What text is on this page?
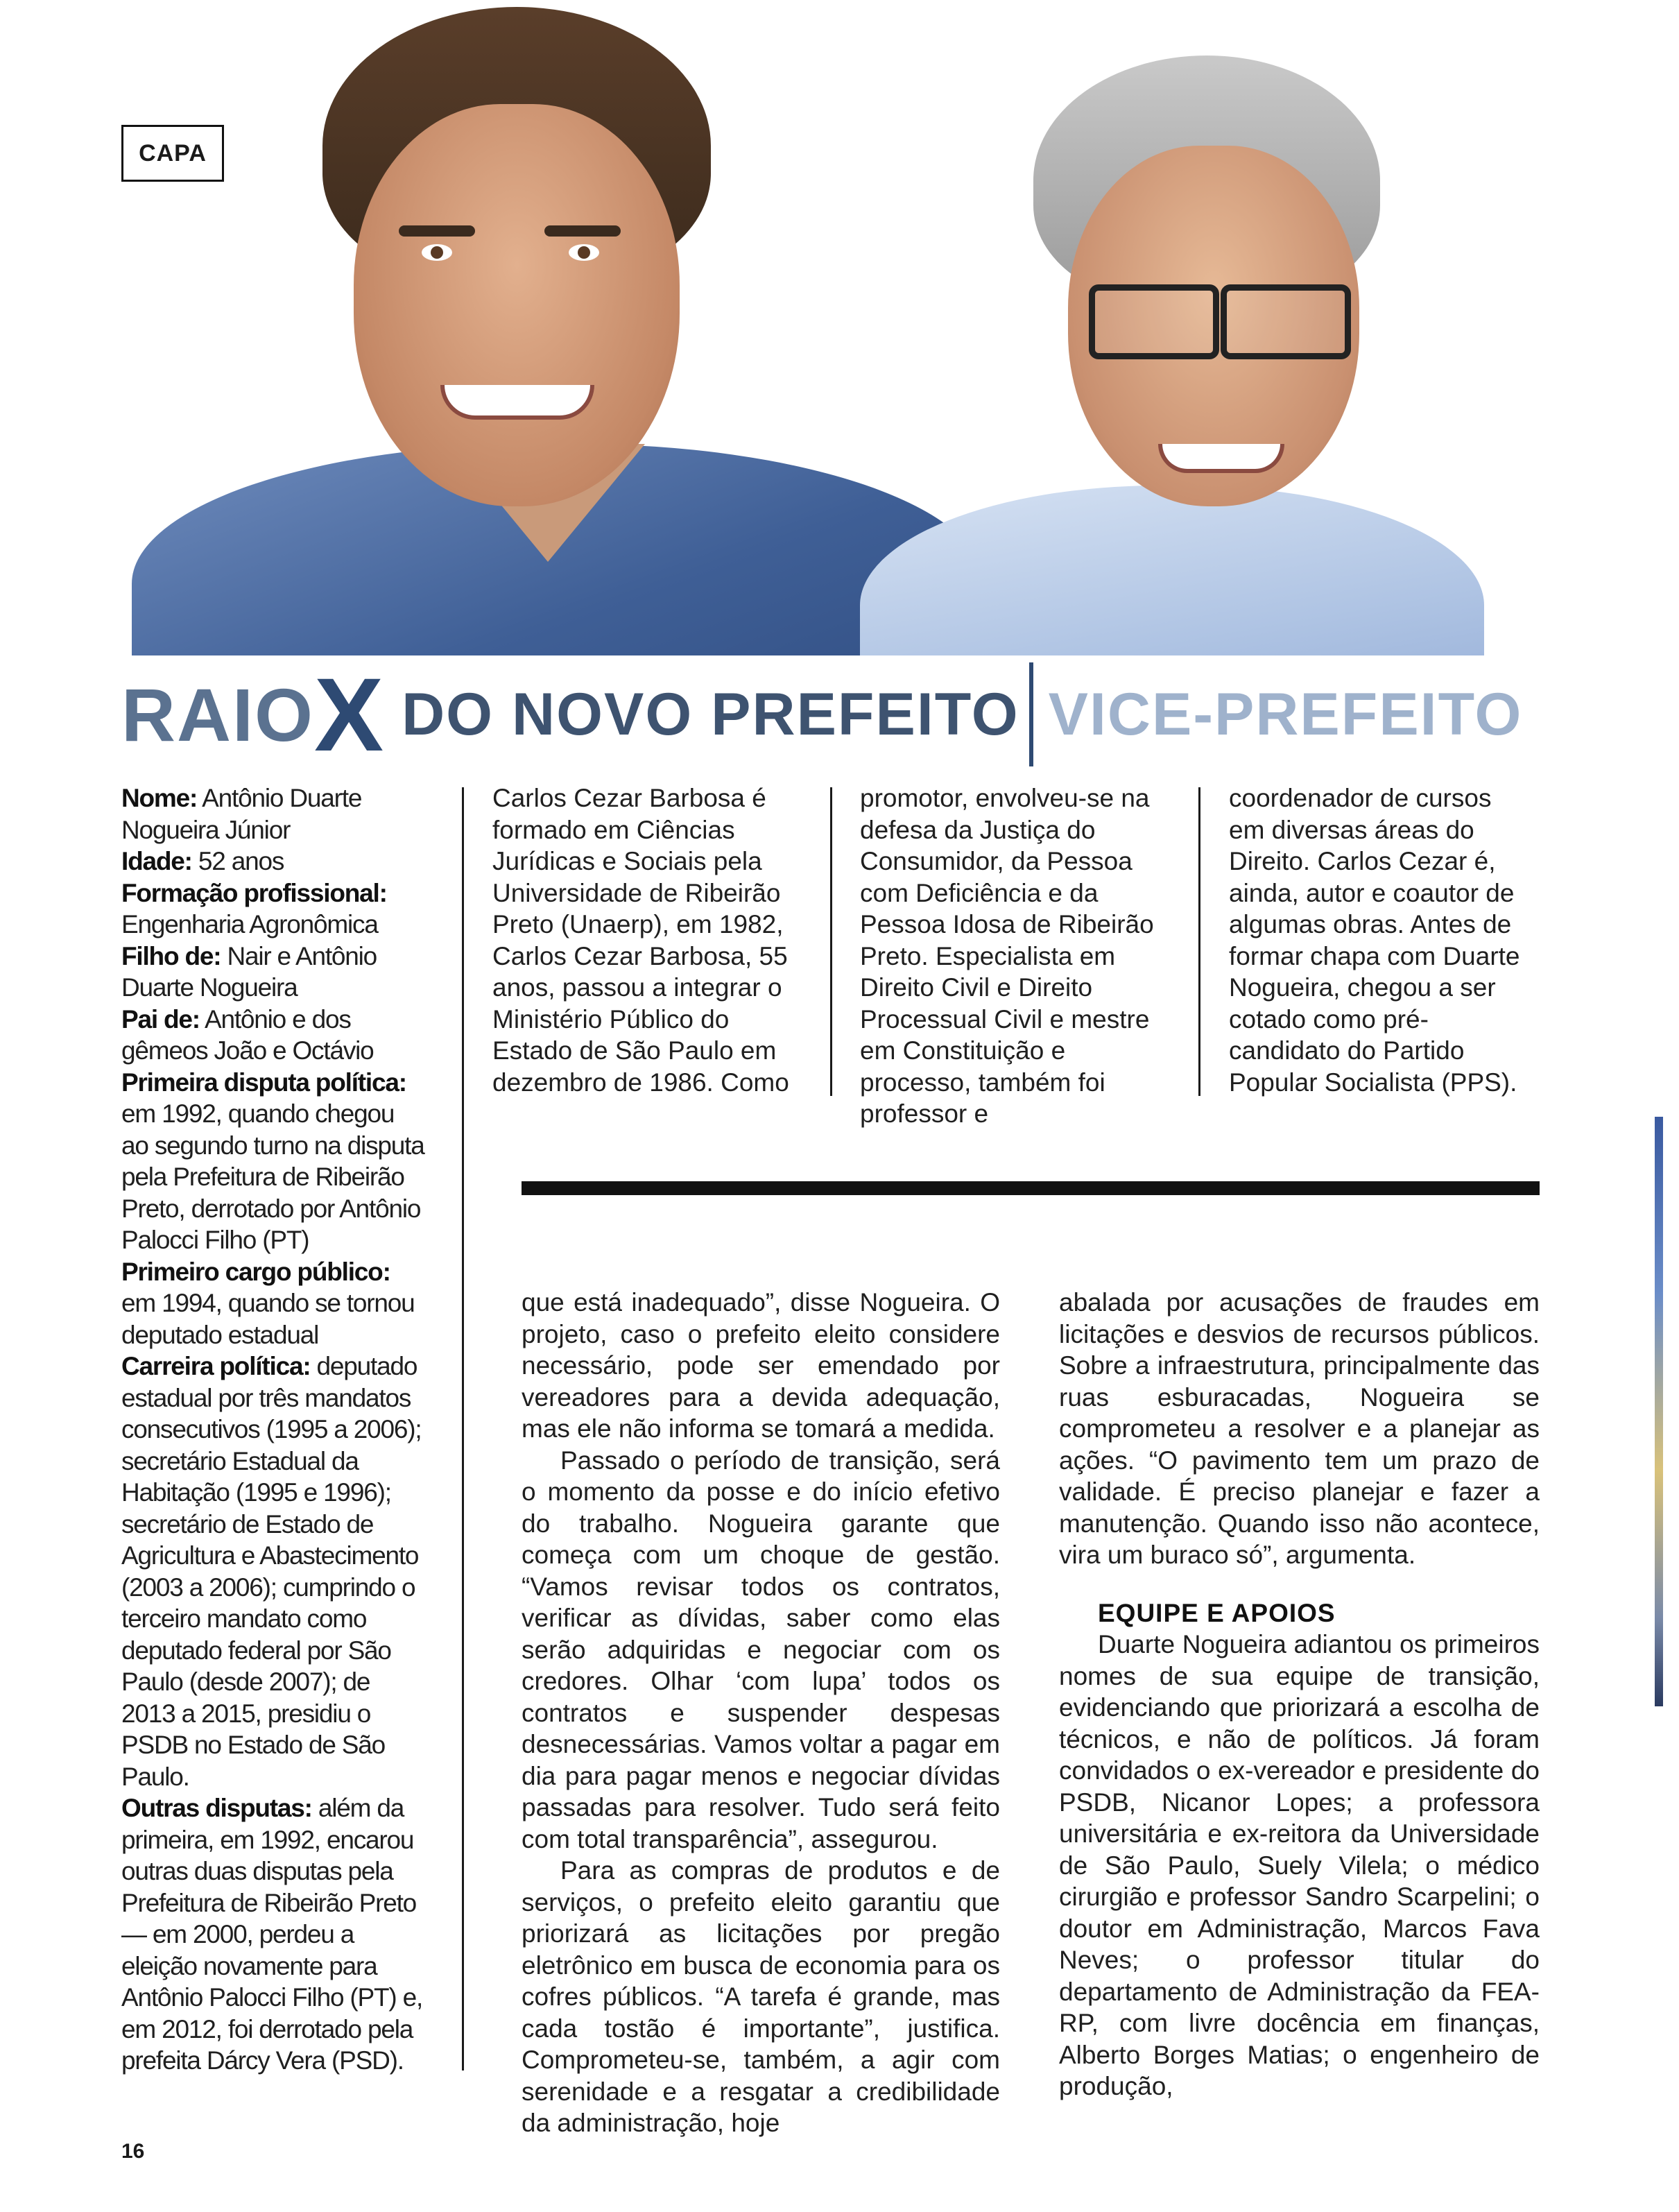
CAPA
RAIO X DO NOVO PREFEITO VICE-PREFEITO

Nome: Antônio Duarte Nogueira Júnior

Idade: 52 anos

Formação profissional: Engenharia Agronômica

Filho de: Nair e Antônio Duarte Nogueira

Pai de: Antônio e dos gêmeos João e Octávio

Primeira disputa política: em 1992, quando chegou ao segundo turno na disputa pela Prefeitura de Ribeirão Preto, derrotado por Antônio Palocci Filho (PT)

Primeiro cargo público: em 1994, quando se tornou deputado estadual

Carreira política: deputado estadual por três mandatos consecutivos (1995 a 2006); secretário Estadual da Habitação (1995 e 1996); secretário de Estado de Agricultura e Abastecimento (2003 a 2006); cumprindo o terceiro mandato como deputado federal por São Paulo (desde 2007); de 2013 a 2015, presidiu o PSDB no Estado de São Paulo.

Outras disputas: além da primeira, em 1992, encarou outras duas disputas pela Prefeitura de Ribeirão Preto — em 2000, perdeu a eleição novamente para Antônio Palocci Filho (PT) e, em 2012, foi derrotado pela prefeita Dárcy Vera (PSD).

Carlos Cezar Barbosa é formado em Ciências Jurídicas e Sociais pela Universidade de Ribeirão Preto (Unaerp), em 1982, Carlos Cezar Barbosa, 55 anos, passou a integrar o Ministério Público do Estado de São Paulo em dezembro de 1986. Como
promotor, envolveu-se na defesa da Justiça do Consumidor, da Pessoa com Deficiência e da Pessoa Idosa de Ribeirão Preto. Especialista em Direito Civil e Direito Processual Civil e mestre em Constituição e processo, também foi professor e
coordenador de cursos em diversas áreas do Direito. Carlos Cezar é, ainda, autor e coautor de algumas obras. Antes de formar chapa com Duarte Nogueira, chegou a ser cotado como pré-candidato do Partido Popular Socialista (PPS).

que está inadequado”, disse Nogueira. O projeto, caso o prefeito eleito considere necessário, pode ser emendado por vereadores para a devida adequação, mas ele não informa se tomará a medida.

Passado o período de transição, será o momento da posse e do início efetivo do trabalho. Nogueira garante que começa com um choque de gestão. “Vamos revisar todos os contratos, verificar as dívidas, saber como elas serão adquiridas e negociar com os credores. Olhar ‘com lupa’ todos os contratos e suspender despesas desnecessárias. Vamos voltar a pagar em dia para pagar menos e negociar dívidas passadas para resolver. Tudo será feito com total transparência”, assegurou.

Para as compras de produtos e de serviços, o prefeito eleito garantiu que priorizará as licitações por pregão eletrônico em busca de economia para os cofres públicos. “A tarefa é grande, mas cada tostão é importante”, justifica. Comprometeu-se, também, a agir com serenidade e a resgatar a credibilidade da administração, hoje

abalada por acusações de fraudes em licitações e desvios de recursos públicos. Sobre a infraestrutura, principalmente das ruas esburacadas, Nogueira se comprometeu a resolver e a planejar as ações. “O pavimento tem um prazo de validade. É preciso planejar e fazer a manutenção. Quando isso não acontece, vira um buraco só”, argumenta.

EQUIPE E APOIOS

Duarte Nogueira adiantou os primeiros nomes de sua equipe de transição, evidenciando que priorizará a escolha de técnicos, e não de políticos. Já foram convidados o ex-vereador e presidente do PSDB, Nicanor Lopes; a professora universitária e ex-reitora da Universidade de São Paulo, Suely Vilela; o médico cirurgião e professor Sandro Scarpelini; o doutor em Administração, Marcos Fava Neves; o professor titular do departamento de Administração da FEA-RP, com livre docência em finanças, Alberto Borges Matias; o engenheiro de produção,

16
